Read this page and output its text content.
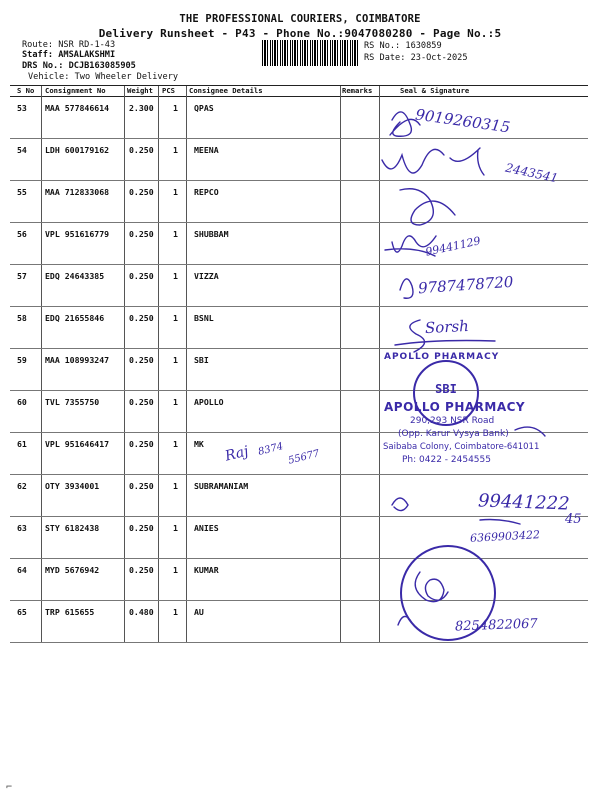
THE PROFESSIONAL COURIERS, COIMBATORE
Delivery Runsheet - P43 - Phone No.:9047080280 - Page No.:5
Route: NSR RD-1-43
Staff: AMSALAKSHMI
DRS No.: DCJB163085905
Vehicle: Two Wheeler Delivery
RS No.: 1630859
RS Date: 23-Oct-2025
S No Consignment No	Weight PCS Consignee Details	Remarks	Seal & Signature
53 MAA 577846614 2.300 1 QPAS
54 LDH 600179162 0.250 1 MEENA
55 MAA 712833068 0.250 1 REPCO
56 VPL 951616779 0.250 1 SHUBBAM
57 EDQ 24643385	0.250 1 VIZZA
58 EDQ 21655846	0.250 1 BSNL
59 MAA 108993247 0.250 1 SBI
60 TVL 7355750	0.250 1 APOLLO
61 VPL 951646417 0.250 1 MK
62 OTY 3934001	0.250 1 SUBRAMANIAM
63 STY 6182438	0.250 1 ANIES
64 MYD 5676942	0.250 1 KUMAR
65 TRP 615655	0.480 1 AU
9019260315
2443541
99441129
9787478720
Sorsh
Raj 8374 55677
99441222
45
6369903422
8254822067
APOLLO PHARMACY
SBI
APOLLO PHARMACY
290,293 NSR Road
(Opp. Karur Vysya Bank)
Saibaba Colony, Coimbatore-641011
Ph: 0422 - 2454555
⌐
